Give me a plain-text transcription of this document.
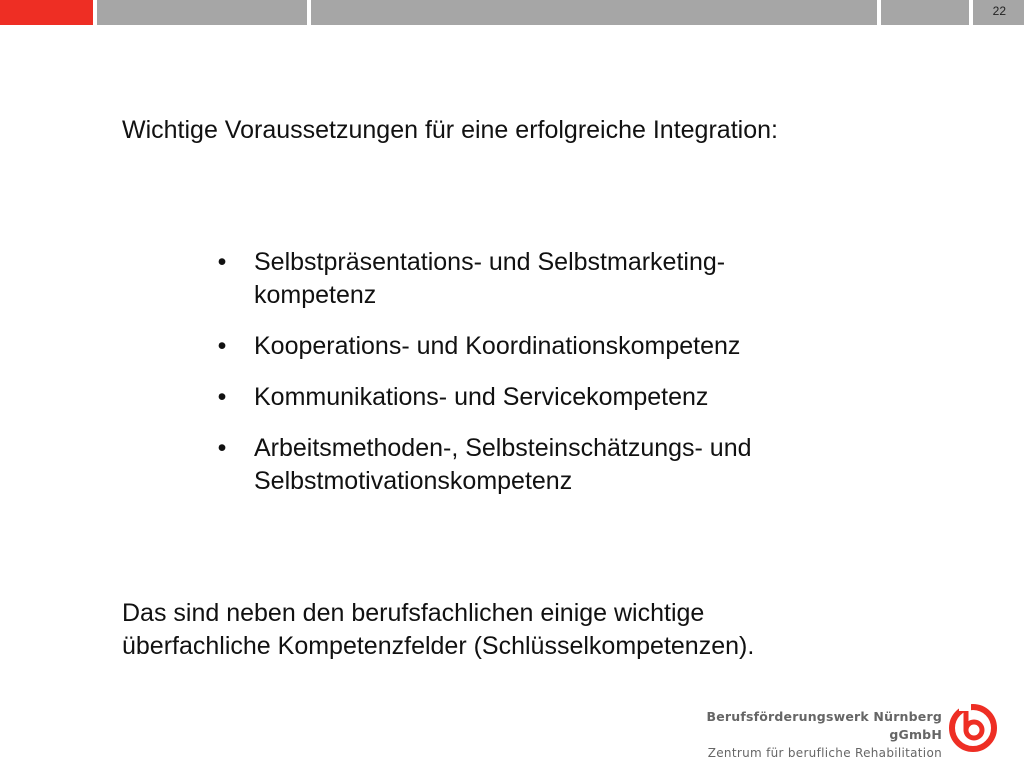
22
Wichtige Voraussetzungen für eine erfolgreiche Integration:
• Selbstpräsentations- und Selbstmarketing-
kompetenz
• Kooperations- und Koordinationskompetenz
• Kommunikations- und Servicekompetenz
• Arbeitsmethoden-, Selbsteinschätzungs- und
Selbstmotivationskompetenz

Das sind neben den berufsfachlichen einige wichtige
überfachliche Kompetenzfelder (Schlüsselkompetenzen).

Berufsförderungswerk Nürnberg gGmbH
Zentrum für berufliche Rehabilitation
